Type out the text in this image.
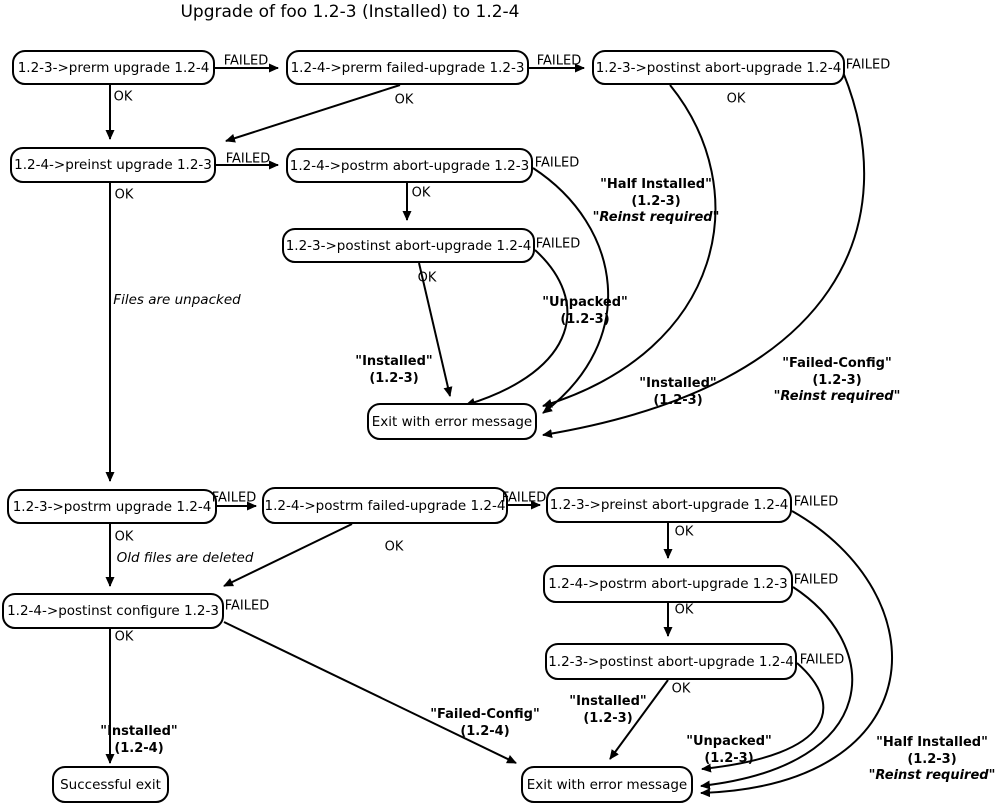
Upgrade of foo 1.2-3 (Installed) to 1.2-4
1.2-3->prerm upgrade 1.2-4	1.2-4->prerm failed-upgrade 1.2-3	1.2-3->postinst abort-upgrade 1.2-4
1.2-4->preinst upgrade 1.2-3	1.2-4->postrm abort-upgrade 1.2-3
1.2-3->postinst abort-upgrade 1.2-4
Exit with error message
1.2-3->postrm upgrade 1.2-4	1.2-4->postrm failed-upgrade 1.2-4	1.2-3->preinst abort-upgrade 1.2-4
1.2-4->postrm abort-upgrade 1.2-3
1.2-4->postinst configure 1.2-3
1.2-3->postinst abort-upgrade 1.2-4
Successful exit	Exit with error message
FAILED	FAILED	FAILED
OK	OK	OK
FAILED	FAILED
OK	OK
FAILED
OK
FAILED	FAILED	FAILED
OK
OK
OK
FAILED
OK
FAILED
OK
FAILED
OK
Files are unpacked
Old files are deleted
"Half Installed"
(1.2-3)
"Reinst required"
"Unpacked"
(1.2-3)
"Installed"
(1.2-3)	"Installed"
(1.2-3)
"Failed-Config"
(1.2-3)
"Reinst required"
"Installed"
(1.2-4)
"Failed-Config"
(1.2-4)
"Installed"
(1.2-3)
"Unpacked"
(1.2-3)
"Half Installed"
(1.2-3)
"Reinst required"
